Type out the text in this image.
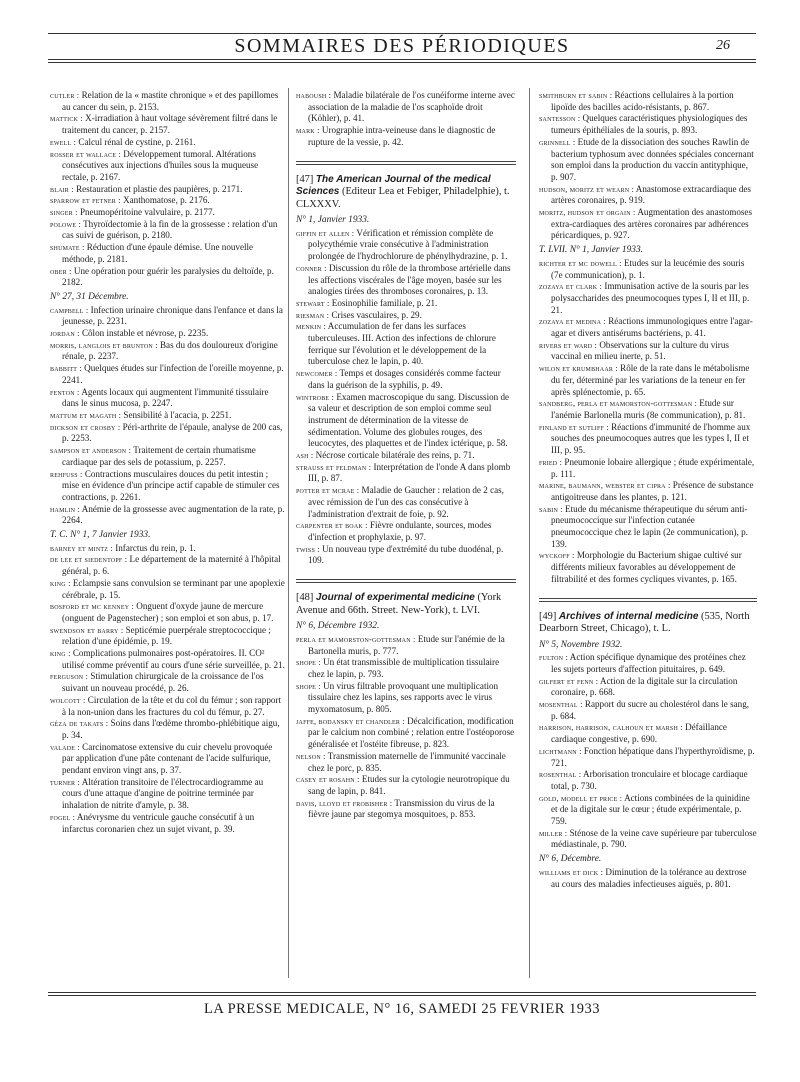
SOMMAIRES DES PÉRIODIQUES	26

cutler : Relation de la « mastite chronique » et des papillomes au cancer du sein, p. 2153.

mattick : X-irradiation à haut voltage sévèrement filtré dans le traitement du cancer, p. 2157.

ewell : Calcul rénal de cystine, p. 2161.

rosser et wallace : Développement tumoral. Altérations consécutives aux injections d'huiles sous la muqueuse rectale, p. 2167.

blair : Restauration et plastie des paupières, p. 2171.

sparrow et fetner : Xanthomatose, p. 2176.

singer : Pneumopéritoine valvulaire, p. 2177.

polowe : Thyroïdectomie à la fin de la grossesse : relation d'un cas suivi de guérison, p. 2180.

shumate : Réduction d'une épaule démise. Une nouvelle méthode, p. 2181.

ober : Une opération pour guérir les paralysies du deltoïde, p. 2182.

N° 27, 31 Décembre.

campbell : Infection urinaire chronique dans l'enfance et dans la jeunesse, p. 2231.

jordan : Côlon instable et névrose, p. 2235.

morris, langlois et brunton : Bas du dos douloureux d'origine rénale, p. 2237.

babbitt : Quelques études sur l'infection de l'oreille moyenne, p. 2241.

fenton : Agents locaux qui augmentent l'immunité tissulaire dans le sinus mucosa, p. 2247.

mattum et magath : Sensibilité à l'acacia, p. 2251.

dickson et crosby : Péri-arthrite de l'épaule, analyse de 200 cas, p. 2253.

sampson et anderson : Traitement de certain rhumatisme cardiaque par des sels de potassium, p. 2257.

rehfuss : Contractions musculaires douces du petit intestin ; mise en évidence d'un principe actif capable de stimuler ces contractions, p. 2261.

hamlin : Anémie de la grossesse avec augmentation de la rate, p. 2264.

T. C. N° 1, 7 Janvier 1933.

barney et mintz : Infarctus du rein, p. 1.

de lee et siedentopf : Le département de la maternité à l'hôpital général, p. 6.

king : Eclampsie sans convulsion se terminant par une apoplexie cérébrale, p. 15.

bosford et mc kenney : Onguent d'oxyde jaune de mercure (onguent de Pagenstecher) ; son emploi et son abus, p. 17.

swendson et barry : Septicémie puerpérale streptococcique ; relation d'une épidémie, p. 19.

king : Complications pulmonaires post-opératoires. II. CO² utilisé comme préventif au cours d'une série surveillée, p. 21.

ferguson : Stimulation chirurgicale de la croissance de l'os suivant un nouveau procédé, p. 26.

wolcott : Circulation de la tête et du col du fémur ; son rapport à la non-union dans les fractures du col du fémur, p. 27.

géza de takats : Soins dans l'œdème thrombo-phlébitique aigu, p. 34.

valade : Carcinomatose extensive du cuir chevelu provoquée par application d'une pâte contenant de l'acide sulfurique, pendant environ vingt ans, p. 37.

turner : Altération transitoire de l'électrocardiogramme au cours d'une attaque d'angine de poitrine terminée par inhalation de nitrite d'amyle, p. 38.

fogel : Anévrysme du ventricule gauche consécutif à un infarctus coronarien chez un sujet vivant, p. 39.

haboush : Maladie bilatérale de l'os cunéiforme interne avec association de la maladie de l'os scaphoïde droit (Köhler), p. 41.

mark : Urographie intra-veineuse dans le diagnostic de rupture de la vessie, p. 42.

[47] The American Journal of the medical Sciences (Editeur Lea et Febiger, Philadelphie), t. CLXXXV.
N° 1, Janvier 1933.

giffin et allen : Vérification et rémission complète de polycythémie vraie consécutive à l'administration prolongée de l'hydrochlorure de phénylhydrazine, p. 1.

conner : Discussion du rôle de la thrombose artérielle dans les affections viscérales de l'âge moyen, basée sur les analogies tirées des thromboses coronaires, p. 13.

stewart : Eosinophilie familiale, p. 21.

riesman : Crises vasculaires, p. 29.

menkin : Accumulation de fer dans les surfaces tuberculeuses. III. Action des infections de chlorure ferrique sur l'évolution et le développement de la tuberculose chez le lapin, p. 40.

newcomer : Temps et dosages considérés comme facteur dans la guérison de la syphilis, p. 49.

wintrobe : Examen macroscopique du sang. Discussion de sa valeur et description de son emploi comme seul instrument de détermination de la vitesse de sédimentation. Volume des globules rouges, des leucocytes, des plaquettes et de l'index ictérique, p. 58.

ash : Nécrose corticale bilatérale des reins, p. 71.

strauss et feldman : Interprétation de l'onde A dans plomb III, p. 87.

potter et mcrae : Maladie de Gaucher : relation de 2 cas, avec rémission de l'un des cas consécutive à l'administration d'extrait de foie, p. 92.

carpenter et boak : Fièvre ondulante, sources, modes d'infection et prophylaxie, p. 97.

twiss : Un nouveau type d'extrémité du tube duodénal, p. 109.

[48] Journal of experimental medicine (York Avenue and 66th. Street. New-York), t. LVI.
N° 6, Décembre 1932.

perla et mamorston-gottesman : Etude sur l'anémie de la Bartonella muris, p. 777.

shope : Un état transmissible de multiplication tissulaire chez le lapin, p. 793.

shope : Un virus filtrable provoquant une multiplication tissulaire chez les lapins, ses rapports avec le virus myxomatosum, p. 805.

jaffe, bodansky et chandler : Décalcification, modification par le calcium non combiné ; relation entre l'ostéoporose généralisée et l'ostéite fibreuse, p. 823.

nelson : Transmission maternelle de l'immunité vaccinale chez le porc, p. 835.

casey et rosahn : Etudes sur la cytologie neurotropique du sang de lapin, p. 841.

davis, lloyd et frobisher : Transmission du virus de la fièvre jaune par stegomya mosquitoes, p. 853.

smithburn et sabin : Réactions cellulaires à la portion lipoïde des bacilles acido-résistants, p. 867.

santesson : Quelques caractéristiques physiologiques des tumeurs épithéliales de la souris, p. 893.

grinnell : Etude de la dissociation des souches Rawlin de bacterium typhosum avec données spéciales concernant son emploi dans la production du vaccin antityphique, p. 907.

hudson, moritz et wearn : Anastomose extracardiaque des artères coronaires, p. 919.

moritz, hudson et orgain : Augmentation des anastomoses extra-cardiaques des artères coronaires par adhérences péricardiques, p. 927.

T. LVII. N° 1, Janvier 1933.

richter et mc dowell : Etudes sur la leucémie des souris (7e communication), p. 1.

zozaya et clark : Immunisation active de la souris par les polysaccharides des pneumocoques types I, II et III, p. 21.

zozaya et medina : Réactions immunologiques entre l'agar-agar et divers antisérums bactériens, p. 41.

rivers et ward : Observations sur la culture du virus vaccinal en milieu inerte, p. 51.

wilon et krumbhaar : Rôle de la rate dans le métabolisme du fer, déterminé par les variations de la teneur en fer après splénectomie, p. 65.

sandberg, perla et mamorston-gottesman : Etude sur l'anémie Barlonella muris (8e communication), p. 81.

finland et sutliff : Réactions d'immunité de l'homme aux souches des pneumocoques autres que les types I, II et III, p. 95.

fried : Pneumonie lobaire allergique ; étude expérimentale, p. 111.

marine, baumann, webster et cipra : Présence de substance antigoitreuse dans les plantes, p. 121.

sabin : Etude du mécanisme thérapeutique du sérum anti-pneumococcique sur l'infection cutanée pneumococcique chez le lapin (2e communication), p. 139.

wyckoff : Morphologie du Bacterium shigae cultivé sur différents milieux favorables au développement de filtrabilité et des formes cycliques vivantes, p. 165.

[49] Archives of internal medicine (535, North Dearborn Street, Chicago), t. L.
N° 5, Novembre 1932.

fulton : Action spécifique dynamique des protéines chez les sujets porteurs d'affection pituitaires, p. 649.

gilfert et fenn : Action de la digitale sur la circulation coronaire, p. 668.

mosenthal : Rapport du sucre au cholestérol dans le sang, p. 684.

harrison, harrison, calhoun et marsh : Défaillance cardiaque congestive, p. 690.

lichtmann : Fonction hépatique dans l'hyperthyroïdisme, p. 721.

rosenthal : Arborisation tronculaire et blocage cardiaque total, p. 730.

gold, modell et price : Actions combinées de la quinidine et de la digitale sur le cœur ; étude expérimentale, p. 759.

miller : Sténose de la veine cave supérieure par tuberculose médiastinale, p. 790.

N° 6, Décembre.

williams et dick : Diminution de la tolérance au dextrose au cours des maladies infectieuses aiguës, p. 801.

LA PRESSE MEDICALE, N° 16, SAMEDI 25 FEVRIER 1933
